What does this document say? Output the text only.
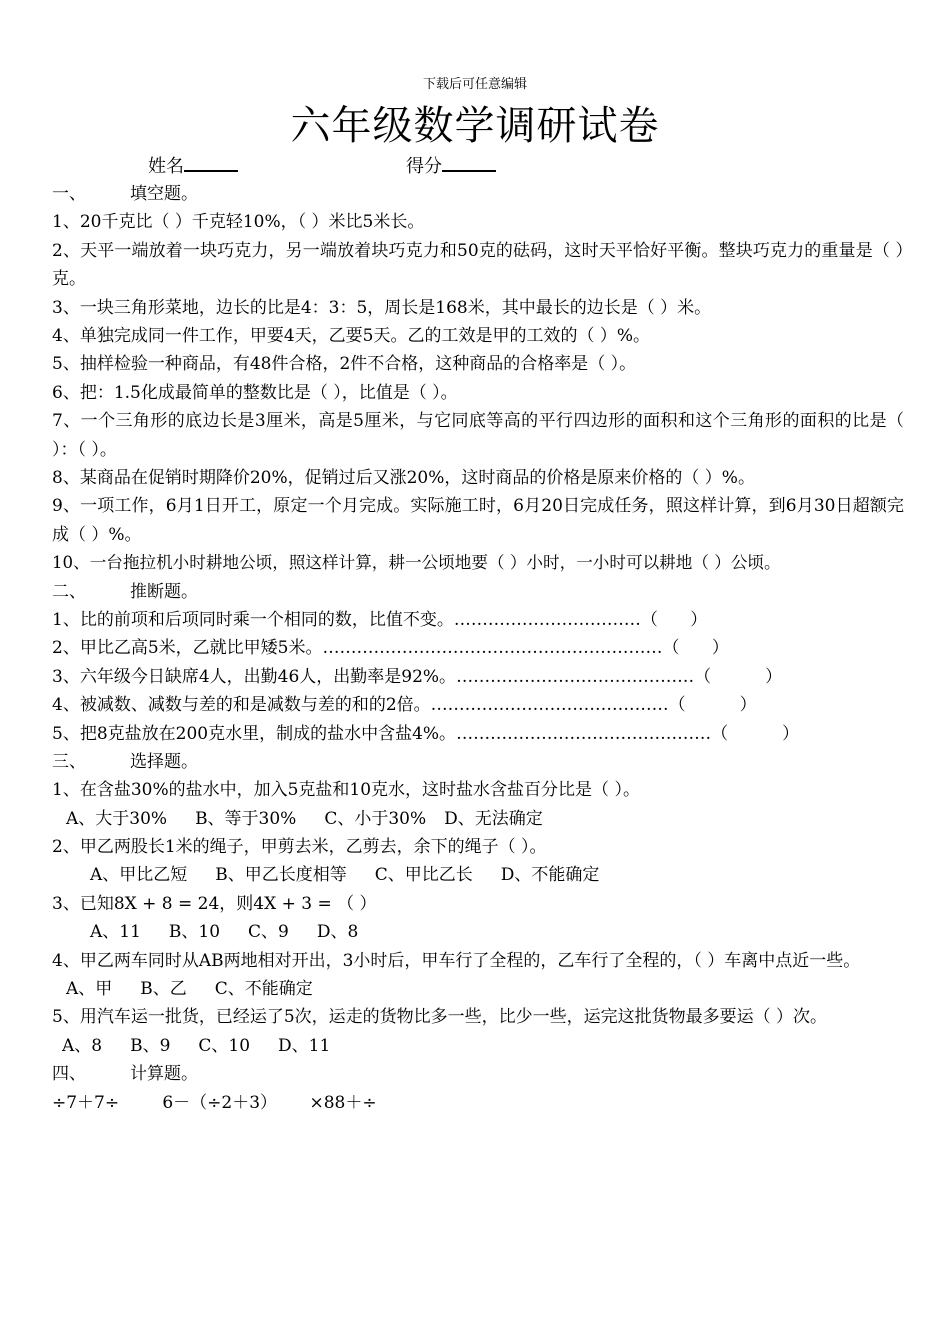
下载后可任意编辑
六年级数学调研试卷
姓名	得分
一、	填空题。
1、20千克比（ ）千克轻10%，（ ）米比5米长。
2、天平一端放着一块巧克力，另一端放着块巧克力和50克的砝码，这时天平恰好平衡。整块巧克力的重量是（ ）克。
3、一块三角形菜地，边长的比是4：3：5，周长是168米，其中最长的边长是（ ）米。
4、单独完成同一件工作，甲要4天，乙要5天。乙的工效是甲的工效的（ ）%。
5、抽样检验一种商品，有48件合格，2件不合格，这种商品的合格率是（ ）。
6、把：1.5化成最简单的整数比是（ ），比值是（ ）。
7、一个三角形的底边长是3厘米，高是5厘米，与它同底等高的平行四边形的面积和这个三角形的面积的比是（ ）：（ ）。
8、某商品在促销时期降价20%，促销过后又涨20%，这时商品的价格是原来价格的（ ）%。
9、一项工作，6月1日开工，原定一个月完成。实际施工时，6月20日完成任务，照这样计算，到6月30日超额完成（ ）%。
10、一台拖拉机小时耕地公顷，照这样计算，耕一公顷地要（ ）小时，一小时可以耕地（ ）公顷。
二、	推断题。
1、比的前项和后项同时乘一个相同的数，比值不变。 …………………………… （      ）
2、甲比乙高5米，乙就比甲矮5米。 …………………………………………………… （      ）
3、六年级今日缺席4人，出勤46人，出勤率是92%。 …………………………………… （          ）
4、被减数、减数与差的和是减数与差的和的2倍。 …………………………………… （          ）
5、把8克盐放在200克水里，制成的盐水中含盐4%。 ……………………………………… （          ）
三、	选择题。
1、在含盐30%的盐水中，加入5克盐和10克水，这时盐水含盐百分比是（ ）。
A、大于30% B、等于30% C、小于30% D、无法确定
2、甲乙两股长1米的绳子，甲剪去米，乙剪去，余下的绳子（ ）。
A、甲比乙短 B、甲乙长度相等 C、甲比乙长 D、不能确定
3、已知8X + 8 = 24，则4X + 3 = （ ）
A、11 B、10 C、9 D、8
4、甲乙两车同时从AB两地相对开出，3小时后，甲车行了全程的，乙车行了全程的，（ ）车离中点近一些。
A、甲 B、乙 C、不能确定
5、用汽车运一批货，已经运了5次，运走的货物比多一些，比少一些，运完这批货物最多要运（ ）次。
A、8 B、9 C、10 D、11
四、	计算题。
÷7＋7÷        6－（÷2＋3）      ×88＋÷
